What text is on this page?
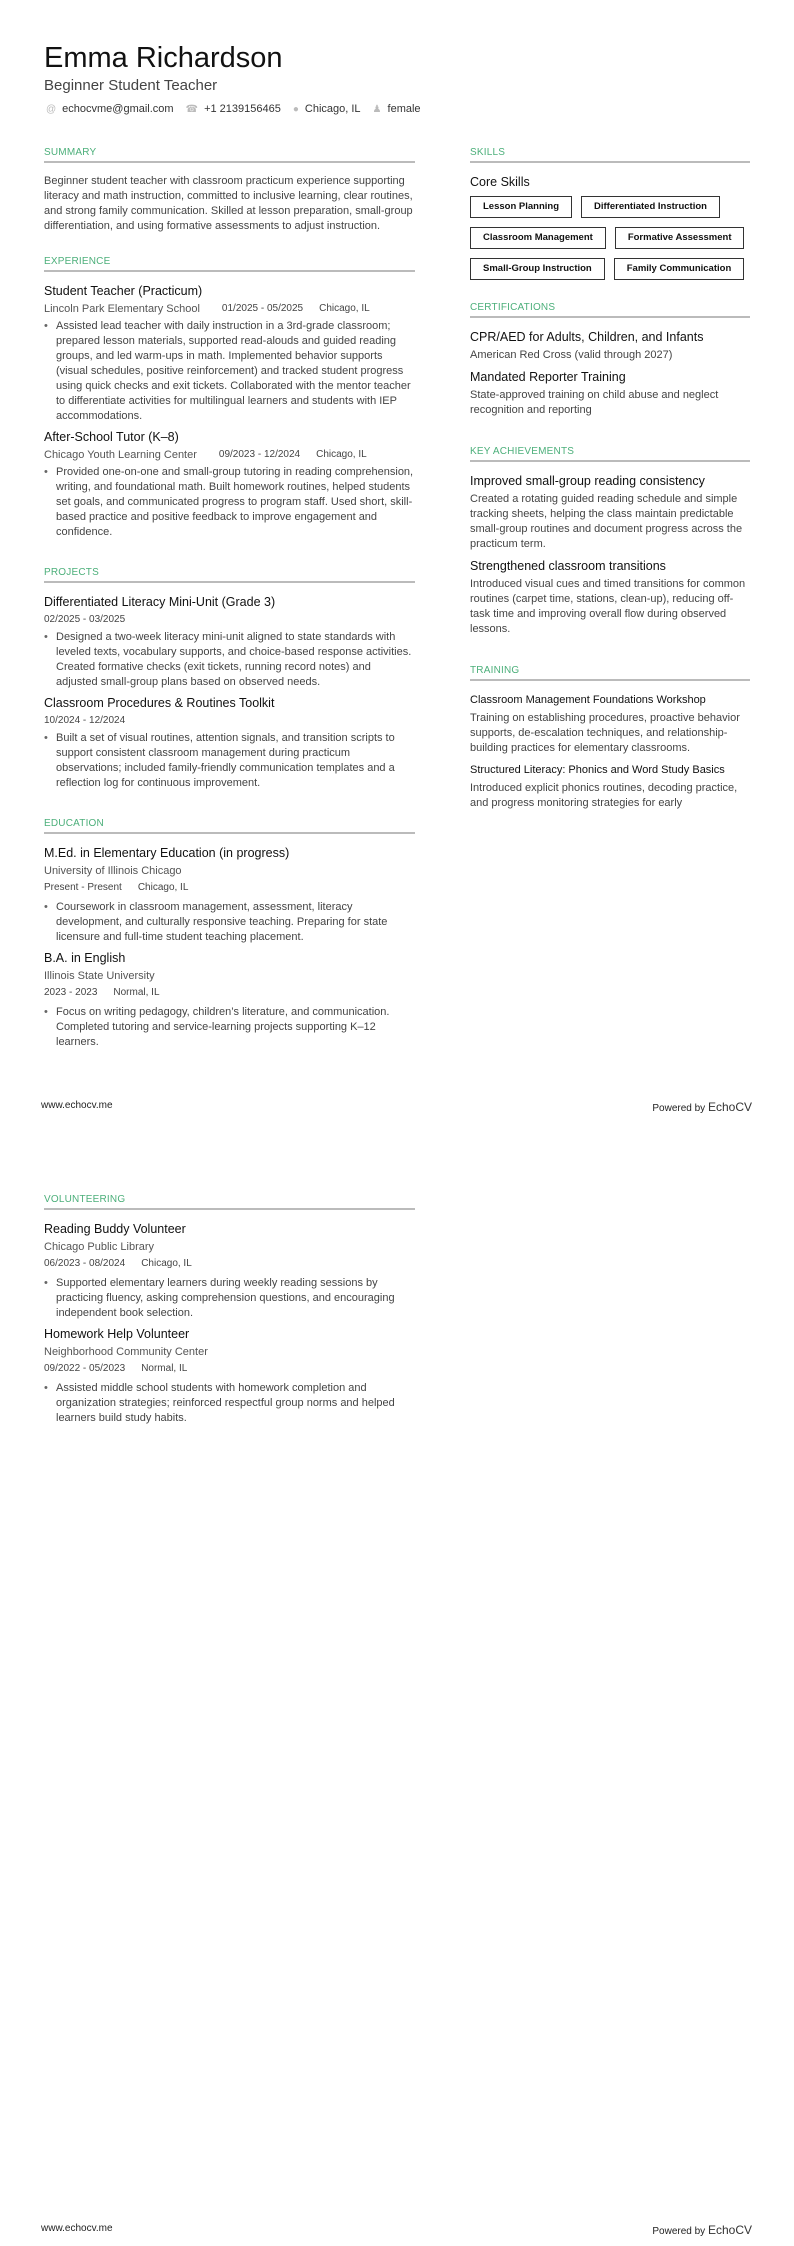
Emma Richardson
Beginner Student Teacher
@ echocvme@gmail.com ☎ +1 2139156465 ● Chicago, IL ♟ female
SUMMARY
Beginner student teacher with classroom practicum experience supporting literacy and math instruction, committed to inclusive learning, clear routines, and strong family communication. Skilled at lesson preparation, small-group differentiation, and using formative assessments to adjust instruction.
EXPERIENCE
Student Teacher (Practicum)
Lincoln Park Elementary School 01/2025 - 05/2025 Chicago, IL
• Assisted lead teacher with daily instruction in a 3rd-grade classroom; prepared lesson materials, supported read-alouds and guided reading groups, and led warm-ups in math. Implemented behavior supports (visual schedules, positive reinforcement) and tracked student progress using quick checks and exit tickets. Collaborated with the mentor teacher to differentiate activities for multilingual learners and students with IEP accommodations.
After-School Tutor (K–8)
Chicago Youth Learning Center 09/2023 - 12/2024 Chicago, IL
• Provided one-on-one and small-group tutoring in reading comprehension, writing, and foundational math. Built homework routines, helped students set goals, and communicated progress to program staff. Used short, skill-based practice and positive feedback to improve engagement and confidence.
PROJECTS
Differentiated Literacy Mini-Unit (Grade 3)
02/2025 - 03/2025
• Designed a two-week literacy mini-unit aligned to state standards with leveled texts, vocabulary supports, and choice-based response activities. Created formative checks (exit tickets, running record notes) and adjusted small-group plans based on observed needs.
Classroom Procedures & Routines Toolkit
10/2024 - 12/2024
• Built a set of visual routines, attention signals, and transition scripts to support consistent classroom management during practicum observations; included family-friendly communication templates and a reflection log for continuous improvement.
EDUCATION
M.Ed. in Elementary Education (in progress)
University of Illinois Chicago
Present - Present Chicago, IL
• Coursework in classroom management, assessment, literacy development, and culturally responsive teaching. Preparing for state licensure and full-time student teaching placement.
B.A. in English
Illinois State University
2023 - 2023 Normal, IL
• Focus on writing pedagogy, children’s literature, and communication. Completed tutoring and service-learning projects supporting K–12 learners.
SKILLS
Core Skills
Lesson Planning	Differentiated Instruction
Classroom Management	Formative Assessment
Small-Group Instruction	Family Communication
CERTIFICATIONS
CPR/AED for Adults, Children, and Infants
American Red Cross (valid through 2027)
Mandated Reporter Training
State-approved training on child abuse and neglect recognition and reporting
KEY ACHIEVEMENTS
Improved small-group reading consistency
Created a rotating guided reading schedule and simple tracking sheets, helping the class maintain predictable small-group routines and document progress across the practicum term.
Strengthened classroom transitions
Introduced visual cues and timed transitions for common routines (carpet time, stations, clean-up), reducing off-task time and improving overall flow during observed lessons.
TRAINING
Classroom Management Foundations Workshop
Training on establishing procedures, proactive behavior supports, de-escalation techniques, and relationship-building practices for elementary classrooms.
Structured Literacy: Phonics and Word Study Basics
Introduced explicit phonics routines, decoding practice, and progress monitoring strategies for early
www.echocv.me	Powered by EchoCV
VOLUNTEERING
Reading Buddy Volunteer
Chicago Public Library
06/2023 - 08/2024 Chicago, IL
• Supported elementary learners during weekly reading sessions by practicing fluency, asking comprehension questions, and encouraging independent book selection.
Homework Help Volunteer
Neighborhood Community Center
09/2022 - 05/2023 Normal, IL
• Assisted middle school students with homework completion and organization strategies; reinforced respectful group norms and helped learners build study habits.
www.echocv.me	Powered by EchoCV
